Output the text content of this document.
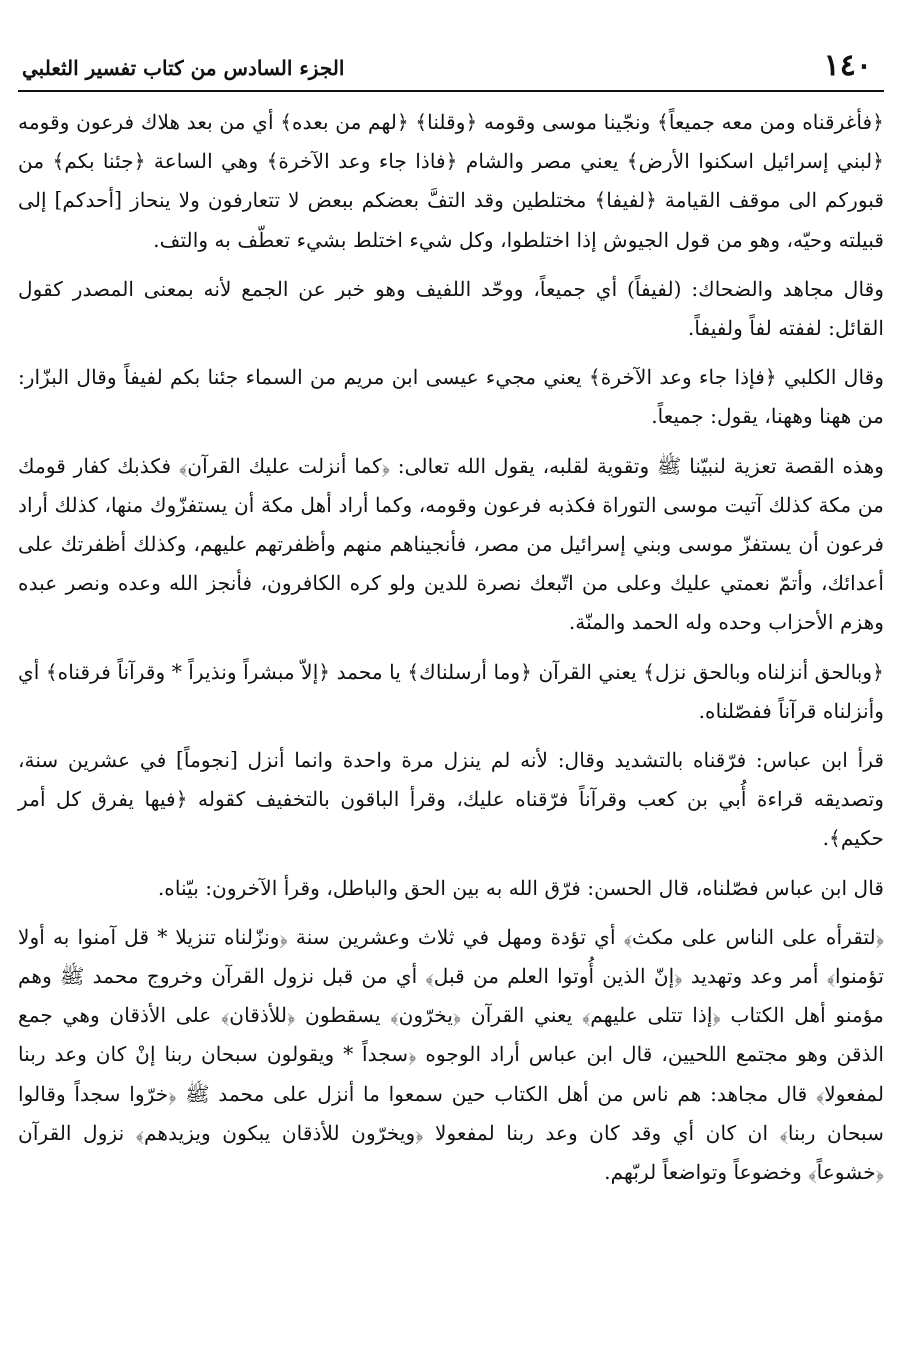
١٤٠
الجزء السادس من كتاب تفسير الثعلبي

﴿فأغرقناه ومن معه جميعاً﴾ ونجّينا موسى وقومه ﴿وقلنا﴾ ﴿لهم من بعده﴾ أي من بعد هلاك فرعون وقومه ﴿لبني إسرائيل اسكنوا الأرض﴾ يعني مصر والشام ﴿فاذا جاء وعد الآخرة﴾ وهي الساعة ﴿جئنا بكم﴾ من قبوركم الى موقف القيامة ﴿لفيفا﴾ مختلطين وقد التفَّ بعضكم ببعض لا تتعارفون ولا ينحاز [أحدكم] إلى قبيلته وحيّه، وهو من قول الجيوش إذا اختلطوا، وكل شيء اختلط بشيء تعطّف به والتف.

وقال مجاهد والضحاك: (لفيفاً) أي جميعاً، ووحّد اللفيف وهو خبر عن الجمع لأنه بمعنى المصدر كقول القائل: لففته لفاً ولفيفاً.

وقال الكلبي ﴿فإذا جاء وعد الآخرة﴾ يعني مجيء عيسى ابن مريم من السماء جئنا بكم لفيفاً وقال البزّار: من ههنا وههنا، يقول: جميعاً.

وهذه القصة تعزية لنبيّنا ﷺ وتقوية لقلبه، يقول الله تعالى: ﴿كما أنزلت عليك القرآن﴾ فكذبك كفار قومك من مكة كذلك آتيت موسى التوراة فكذبه فرعون وقومه، وكما أراد أهل مكة أن يستفزّوك منها، كذلك أراد فرعون أن يستفزّ موسى وبني إسرائيل من مصر، فأنجيناهم منهم وأظفرتهم عليهم، وكذلك أظفرتك على أعدائك، وأتمّ نعمتي عليك وعلى من اتّبعك نصرة للدين ولو كره الكافرون، فأنجز الله وعده ونصر عبده وهزم الأحزاب وحده وله الحمد والمنّة.

﴿وبالحق أنزلناه وبالحق نزل﴾ يعني القرآن ﴿وما أرسلناك﴾ يا محمد ﴿إلاّ مبشراً ونذيراً * وقرآناً فرقناه﴾ أي وأنزلناه قرآناً ففصّلناه.

قرأ ابن عباس: فرّقناه بالتشديد وقال: لأنه لم ينزل مرة واحدة وانما أنزل [نجوماً] في عشرين سنة، وتصديقه قراءة أُبي بن كعب وقرآناً فرّقناه عليك، وقرأ الباقون بالتخفيف كقوله ﴿فيها يفرق كل أمر حكيم﴾.

قال ابن عباس فصّلناه، قال الحسن: فرّق الله به بين الحق والباطل، وقرأ الآخرون: بيّناه.

﴿لتقرأه على الناس على مكث﴾ أي تؤدة ومهل في ثلاث وعشرين سنة ﴿ونزّلناه تنزيلا * قل آمنوا به أولا تؤمنوا﴾ أمر وعد وتهديد ﴿إنّ الذين أُوتوا العلم من قبل﴾ أي من قبل نزول القرآن وخروج محمد ﷺ وهم مؤمنو أهل الكتاب ﴿إذا تتلى عليهم﴾ يعني القرآن ﴿يخرّون﴾ يسقطون ﴿للأذقان﴾ على الأذقان وهي جمع الذقن وهو مجتمع اللحيين، قال ابن عباس أراد الوجوه ﴿سجداً * ويقولون سبحان ربنا إنْ كان وعد ربنا لمفعولا﴾ قال مجاهد: هم ناس من أهل الكتاب حين سمعوا ما أنزل على محمد ﷺ ﴿خرّوا سجداً وقالوا سبحان ربنا﴾ ان كان أي وقد كان وعد ربنا لمفعولا ﴿ويخرّون للأذقان يبكون ويزيدهم﴾ نزول القرآن ﴿خشوعاً﴾ وخضوعاً وتواضعاً لربّهم.
